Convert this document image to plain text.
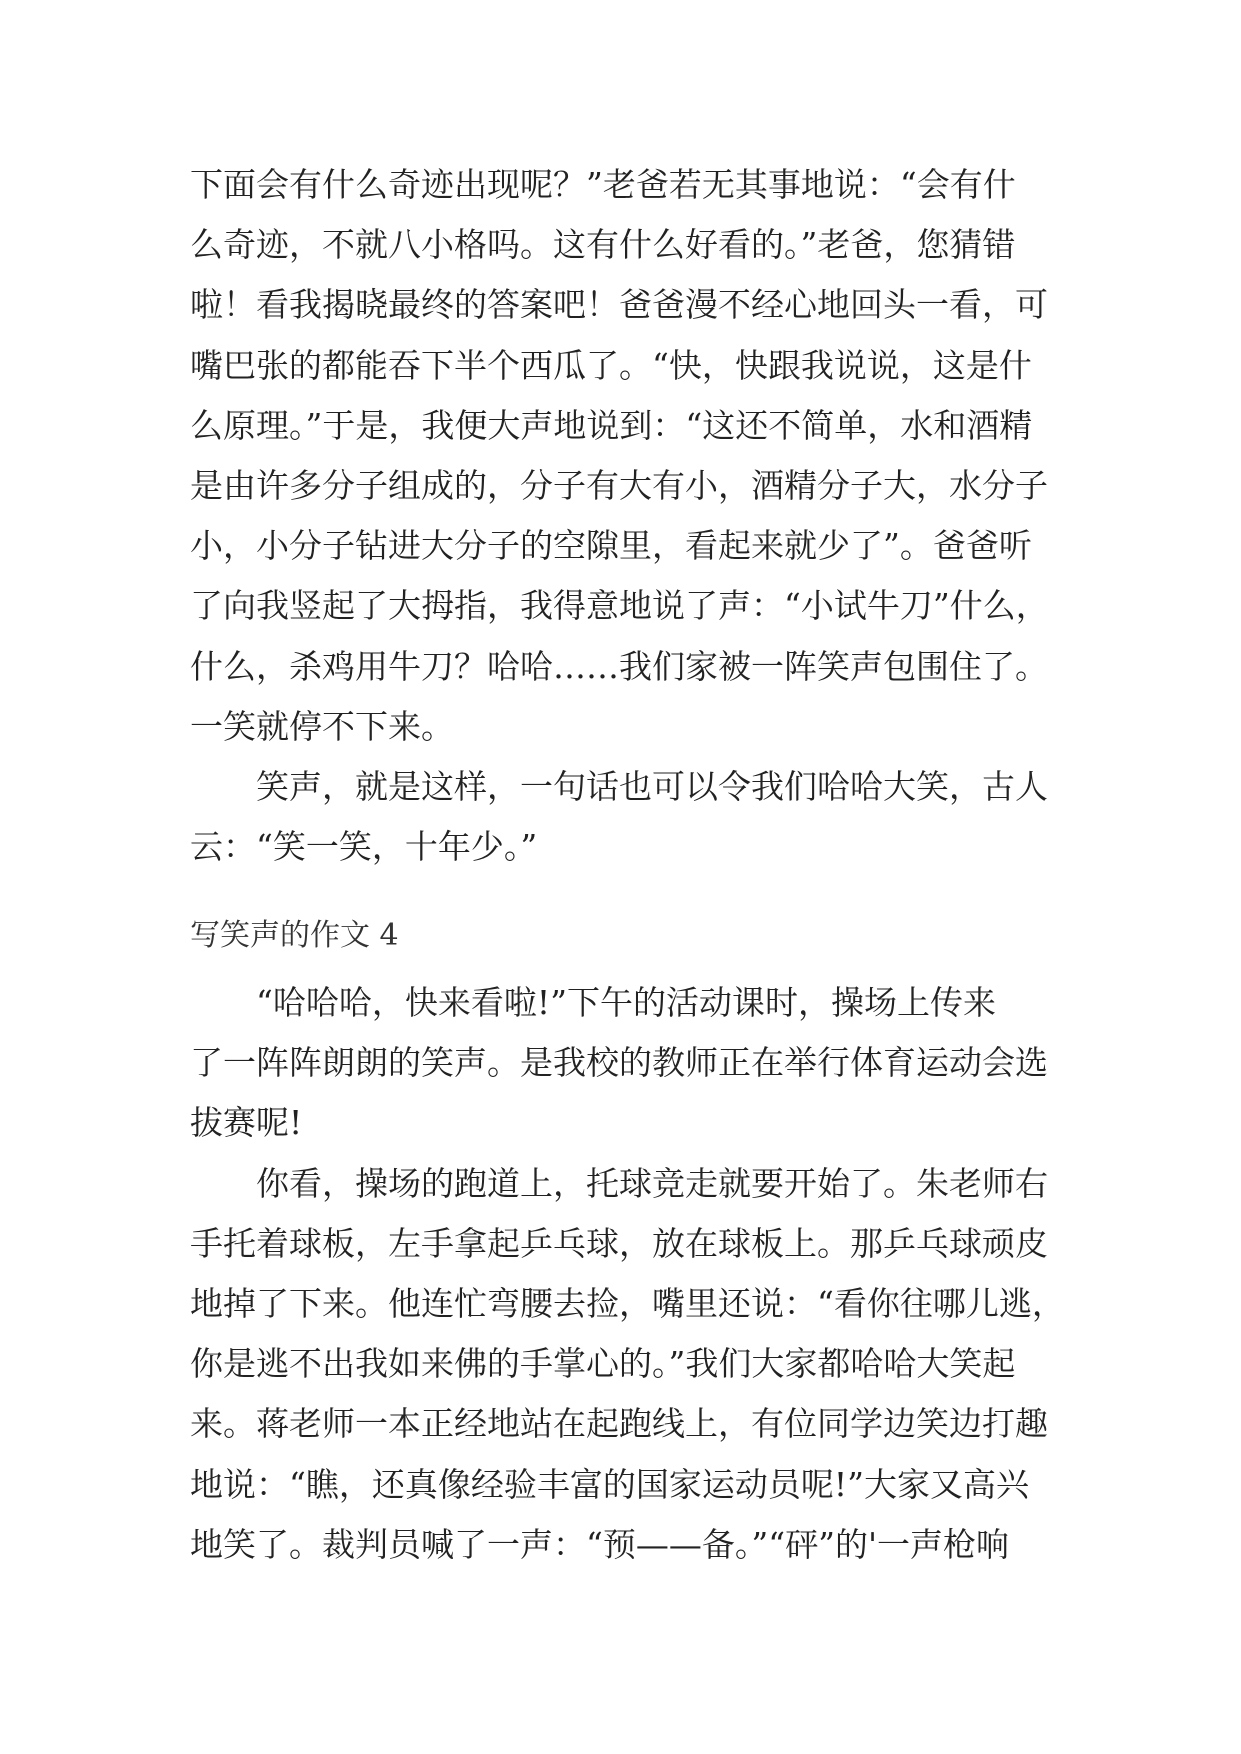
下面会有什么奇迹出现呢？”老爸若无其事地说：“会有什
么奇迹，不就八小格吗。这有什么好看的。”老爸，您猜错
啦！看我揭晓最终的答案吧！爸爸漫不经心地回头一看，可
嘴巴张的都能吞下半个西瓜了。“快，快跟我说说，这是什
么原理。”于是，我便大声地说到：“这还不简单，水和酒精
是由许多分子组成的，分子有大有小，酒精分子大，水分子
小，小分子钻进大分子的空隙里，看起来就少了”。爸爸听
了向我竖起了大拇指，我得意地说了声：“小试牛刀”什么，
什么，杀鸡用牛刀？哈哈……我们家被一阵笑声包围住了。
一笑就停不下来。
　　笑声，就是这样，一句话也可以令我们哈哈大笑，古人
云：“笑一笑，十年少。”
写笑声的作文 4
　　“哈哈哈，快来看啦!”下午的活动课时，操场上传来
了一阵阵朗朗的笑声。是我校的教师正在举行体育运动会选
拔赛呢!
　　你看，操场的跑道上，托球竞走就要开始了。朱老师右
手托着球板，左手拿起乒乓球，放在球板上。那乒乓球顽皮
地掉了下来。他连忙弯腰去捡，嘴里还说：“看你往哪儿逃，
你是逃不出我如来佛的手掌心的。”我们大家都哈哈大笑起
来。蒋老师一本正经地站在起跑线上，有位同学边笑边打趣
地说：“瞧，还真像经验丰富的国家运动员呢!”大家又高兴
地笑了。裁判员喊了一声：“预——备。”“砰”的'一声枪响
